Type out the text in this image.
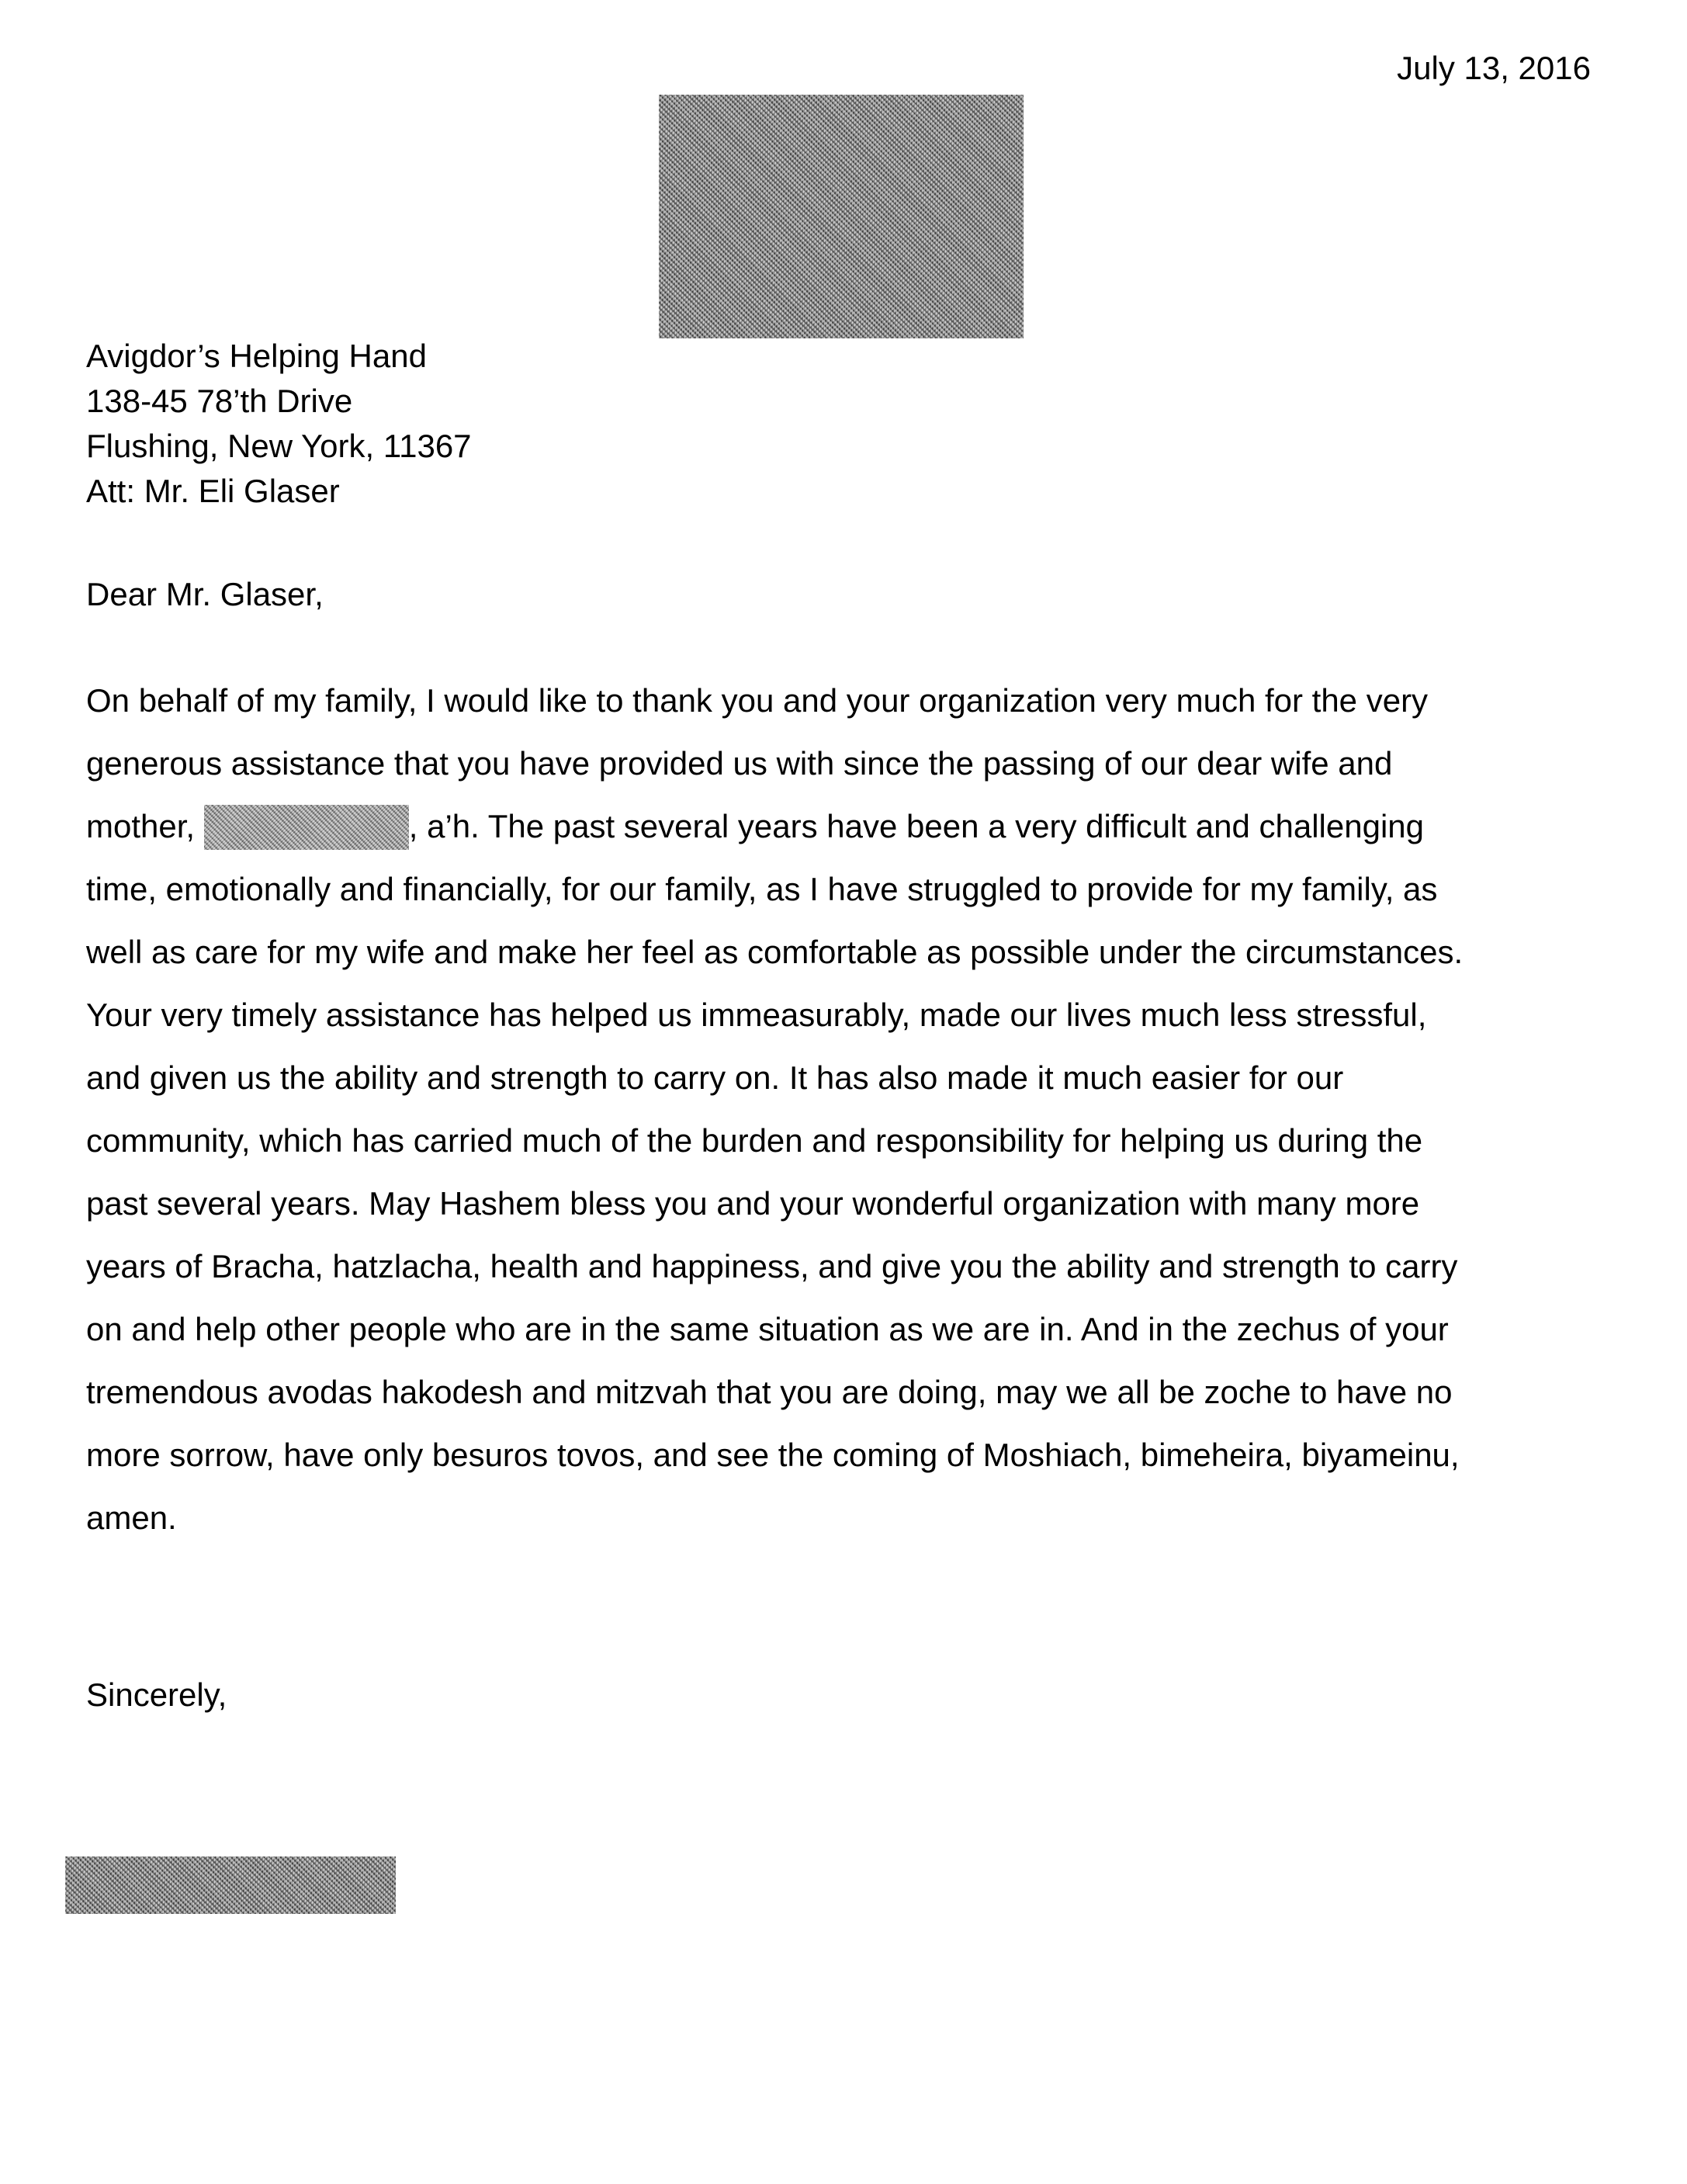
July 13, 2016
Avigdor’s Helping Hand
138-45 78’th Drive
Flushing, New York, 11367
Att: Mr. Eli Glaser
Dear Mr. Glaser,
On behalf of my family, I would like to thank you and your organization very much for the very
generous assistance that you have provided us with since the passing of our dear wife and
mother,	, a’h. The past several years have been a very difficult and challenging
time, emotionally and financially, for our family, as I have struggled to provide for my family, as
well as care for my wife and make her feel as comfortable as possible under the circumstances.
Your very timely assistance has helped us immeasurably, made our lives much less stressful,
and given us the ability and strength to carry on. It has also made it much easier for our
community, which has carried much of the burden and responsibility for helping us during the
past several years. May Hashem bless you and your wonderful organization with many more
years of Bracha, hatzlacha, health and happiness, and give you the ability and strength to carry
on and help other people who are in the same situation as we are in. And in the zechus of your
tremendous avodas hakodesh and mitzvah that you are doing, may we all be zoche to have no
more sorrow, have only besuros tovos, and see the coming of Moshiach, bimeheira, biyameinu,
amen.
Sincerely,
